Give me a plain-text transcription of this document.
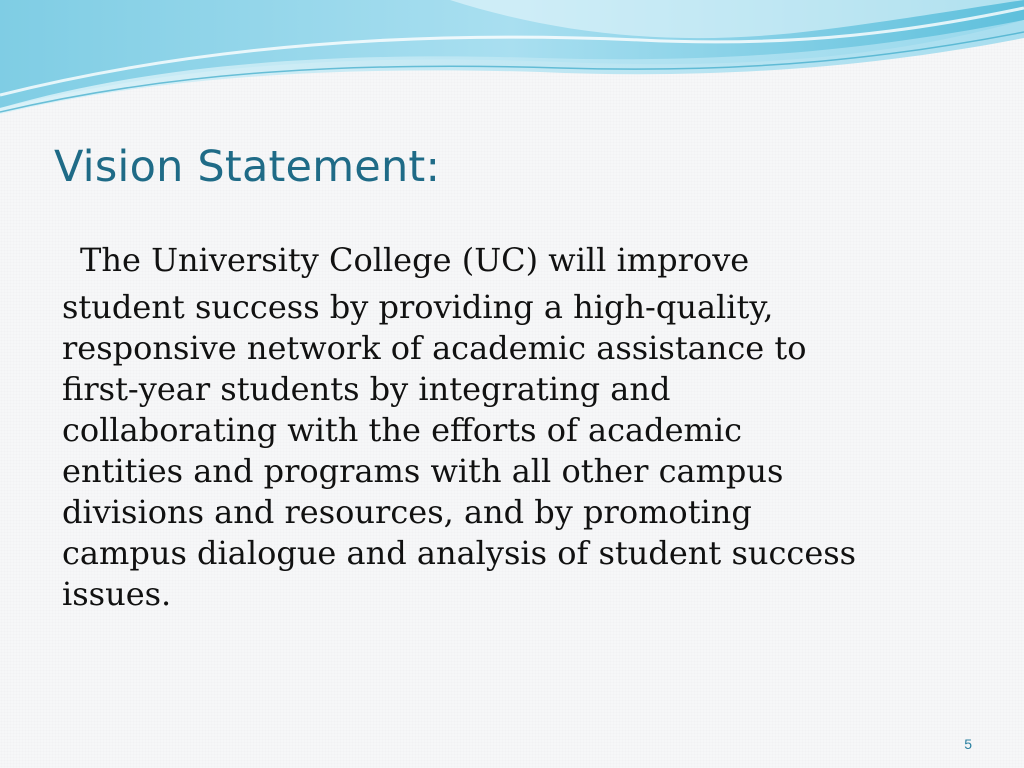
Vision Statement:

The University College (UC) will improve
student success by providing a high-quality,
responsive network of academic assistance to
first-year students by integrating and
collaborating with the efforts of academic
entities and programs with all other campus
divisions and resources, and by promoting
campus dialogue and analysis of student success
issues.

5
